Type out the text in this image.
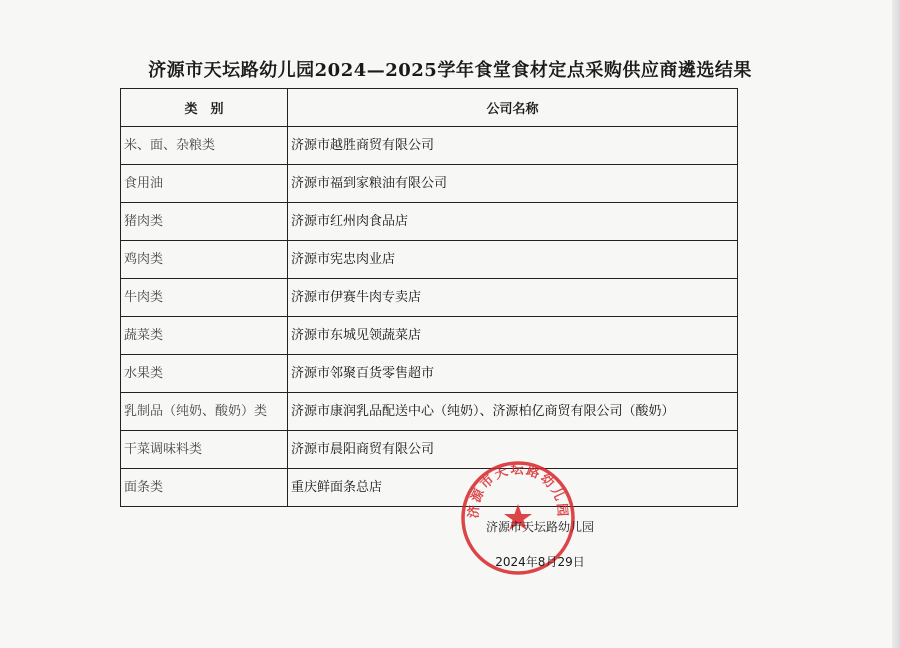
济源市天坛路幼儿园2024—2025学年食堂食材定点采购供应商遴选结果
类　别	公司名称
米、面、杂粮类	济源市越胜商贸有限公司
食用油	济源市福到家粮油有限公司
猪肉类	济源市红州肉食品店
鸡肉类	济源市宪忠肉业店
牛肉类	济源市伊赛牛肉专卖店
蔬菜类	济源市东城见领蔬菜店
水果类	济源市邻聚百货零售超市
乳制品（纯奶、酸奶）类	济源市康润乳品配送中心（纯奶）、济源柏亿商贸有限公司（酸奶）
干菜调味料类	济源市晨阳商贸有限公司
面条类	重庆鲜面条总店
济源市天坛路幼儿园
济源市天坛路幼儿园
2024年8月29日
